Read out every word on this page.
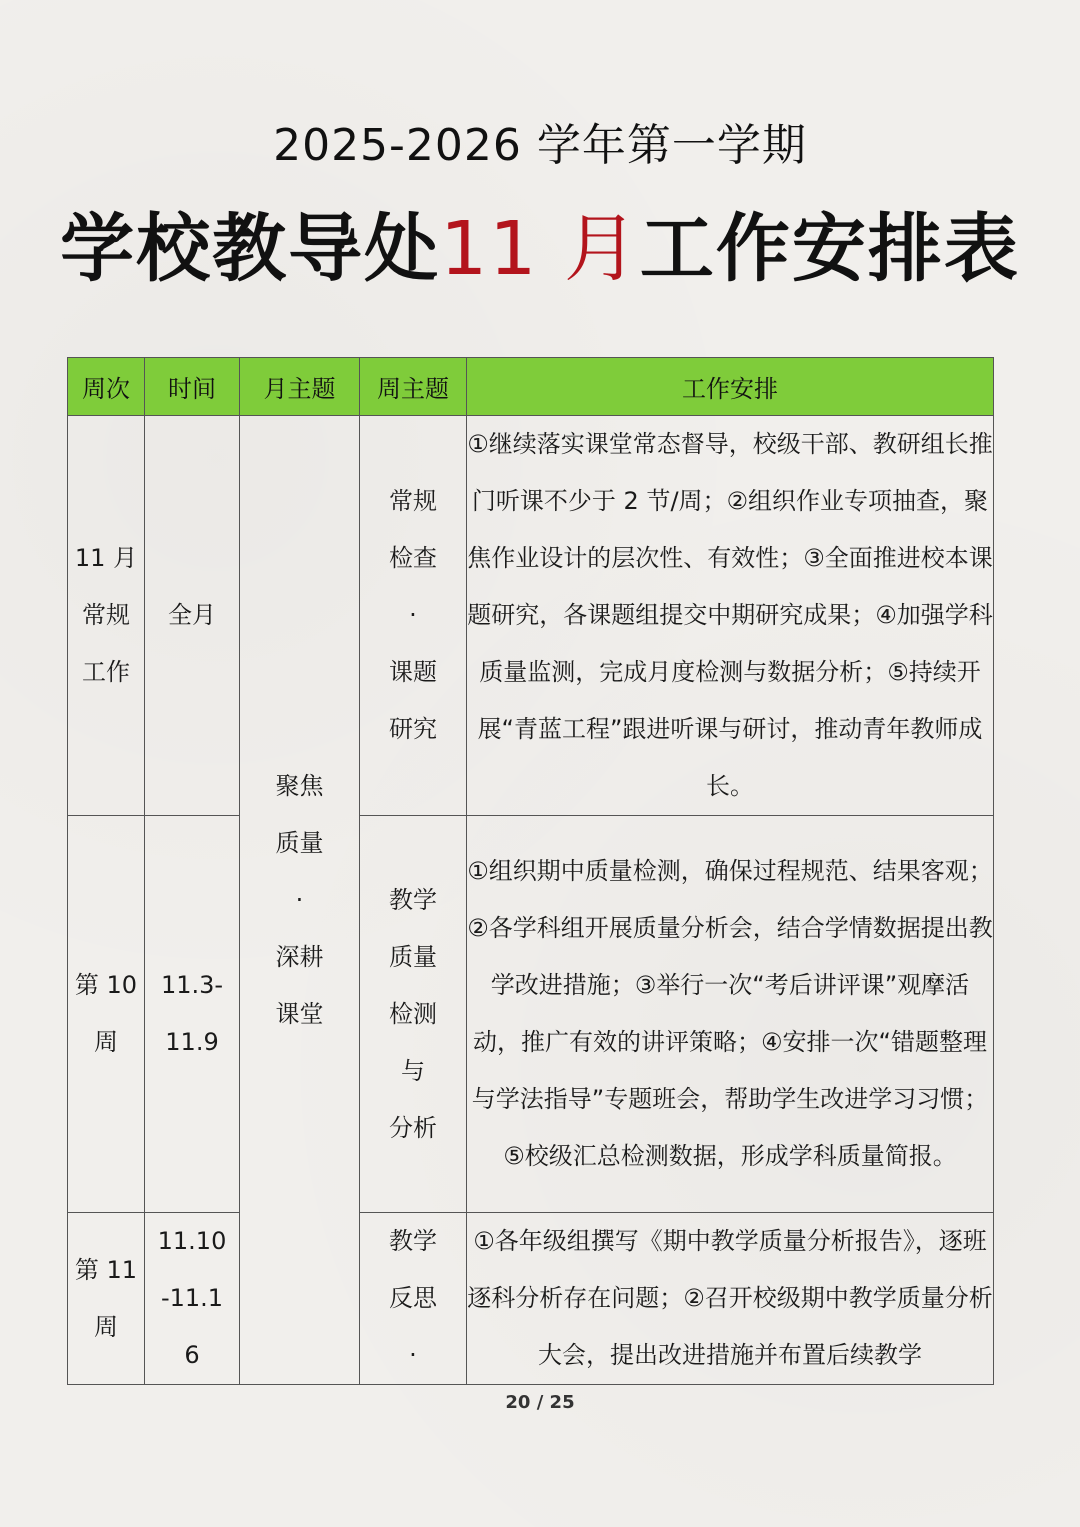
2025-2026 学年第一学期
学校教导处11 月工作安排表
周次	时间	月主题	周主题	工作安排

11 月
常规
工作	全月	聚焦
质量
·
深耕
课堂	常规
检查
·
课题
研究	①继续落实课堂常态督导，校级干部、教研组长推门听课不少于 2 节/周；②组织作业专项抽查，聚焦作业设计的层次性、有效性；③全面推进校本课题研究，各课题组提交中期研究成果；④加强学科质量监测，完成月度检测与数据分析；⑤持续开展“青蓝工程”跟进听课与研讨，推动青年教师成长。

第 10
周	11.3-
11.9		教学
质量
检测
与
分析	①组织期中质量检测，确保过程规范、结果客观；②各学科组开展质量分析会，结合学情数据提出教学改进措施；③举行一次“考后讲评课”观摩活动，推广有效的讲评策略；④安排一次“错题整理与学法指导”专题班会，帮助学生改进学习习惯；⑤校级汇总检测数据，形成学科质量简报。

第 11
周	11.10
-11.1
6		教学
反思
·	①各年级组撰写《期中教学质量分析报告》，逐班逐科分析存在问题；②召开校级期中教学质量分析大会，提出改进措施并布置后续教学
20 / 25
